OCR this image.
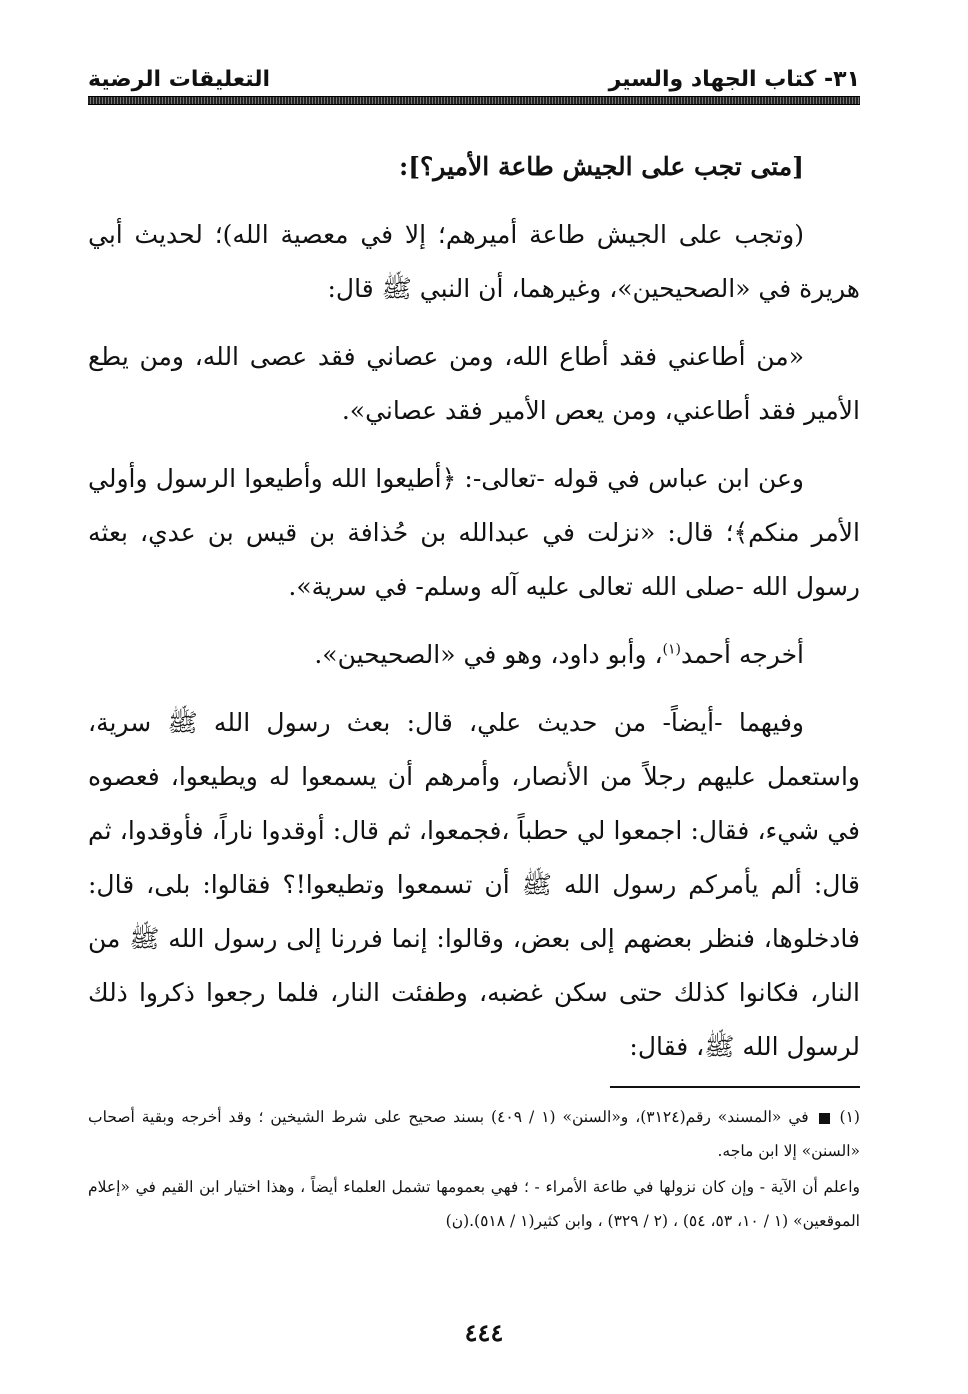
٣١- كتاب الجهاد والسير
التعليقات الرضية

[متى تجب على الجيش طاعة الأمير؟]:

(وتجب على الجيش طاعة أميرهم؛ إلا في معصية الله)؛ لحديث أبي هريرة في «الصحيحين»، وغيرهما، أن النبي ﷺ قال:

«من أطاعني فقد أطاع الله، ومن عصاني فقد عصى الله، ومن يطع الأمير فقد أطاعني، ومن يعص الأمير فقد عصاني».

وعن ابن عباس في قوله -تعالى-: ﴿أطيعوا الله وأطيعوا الرسول وأولي الأمر منكم﴾؛ قال: «نزلت في عبدالله بن حُذافة بن قيس بن عدي، بعثه رسول الله -صلى الله تعالى عليه آله وسلم- في سرية».

أخرجه أحمد$^{(١)}$، وأبو داود، وهو في «الصحيحين».

وفيهما -أيضاً- من حديث علي، قال: بعث رسول الله ﷺ سرية، واستعمل عليهم رجلاً من الأنصار، وأمرهم أن يسمعوا له ويطيعوا، فعصوه في شيء، فقال: اجمعوا لي حطباً ،فجمعوا، ثم قال: أوقدوا ناراً، فأوقدوا، ثم قال: ألم يأمركم رسول الله ﷺ أن تسمعوا وتطيعوا!؟ فقالوا: بلى، قال: فادخلوها، فنظر بعضهم إلى بعض، وقالوا: إنما فررنا إلى رسول الله ﷺ من النار، فكانوا كذلك حتى سكن غضبه، وطفئت النار، فلما رجعوا ذكروا ذلك لرسول الله ﷺ، فقال:

(١)  في «المسند» رقم(٣١٢٤)، و«السنن» (١ / ٤٠٩) بسند صحيح على شرط الشيخين ؛ وقد أخرجه وبقية أصحاب «السنن» إلا ابن ماجه.

واعلم أن الآية - وإن كان نزولها في طاعة الأمراء - ؛ فهي بعمومها تشمل العلماء أيضاً ، وهذا اختيار ابن القيم في «إعلام الموقعين» (١ / ١٠، ٥٣، ٥٤) ، (٢ / ٣٢٩) ، وابن كثير(١ / ٥١٨).(ن)

٤٤٤
